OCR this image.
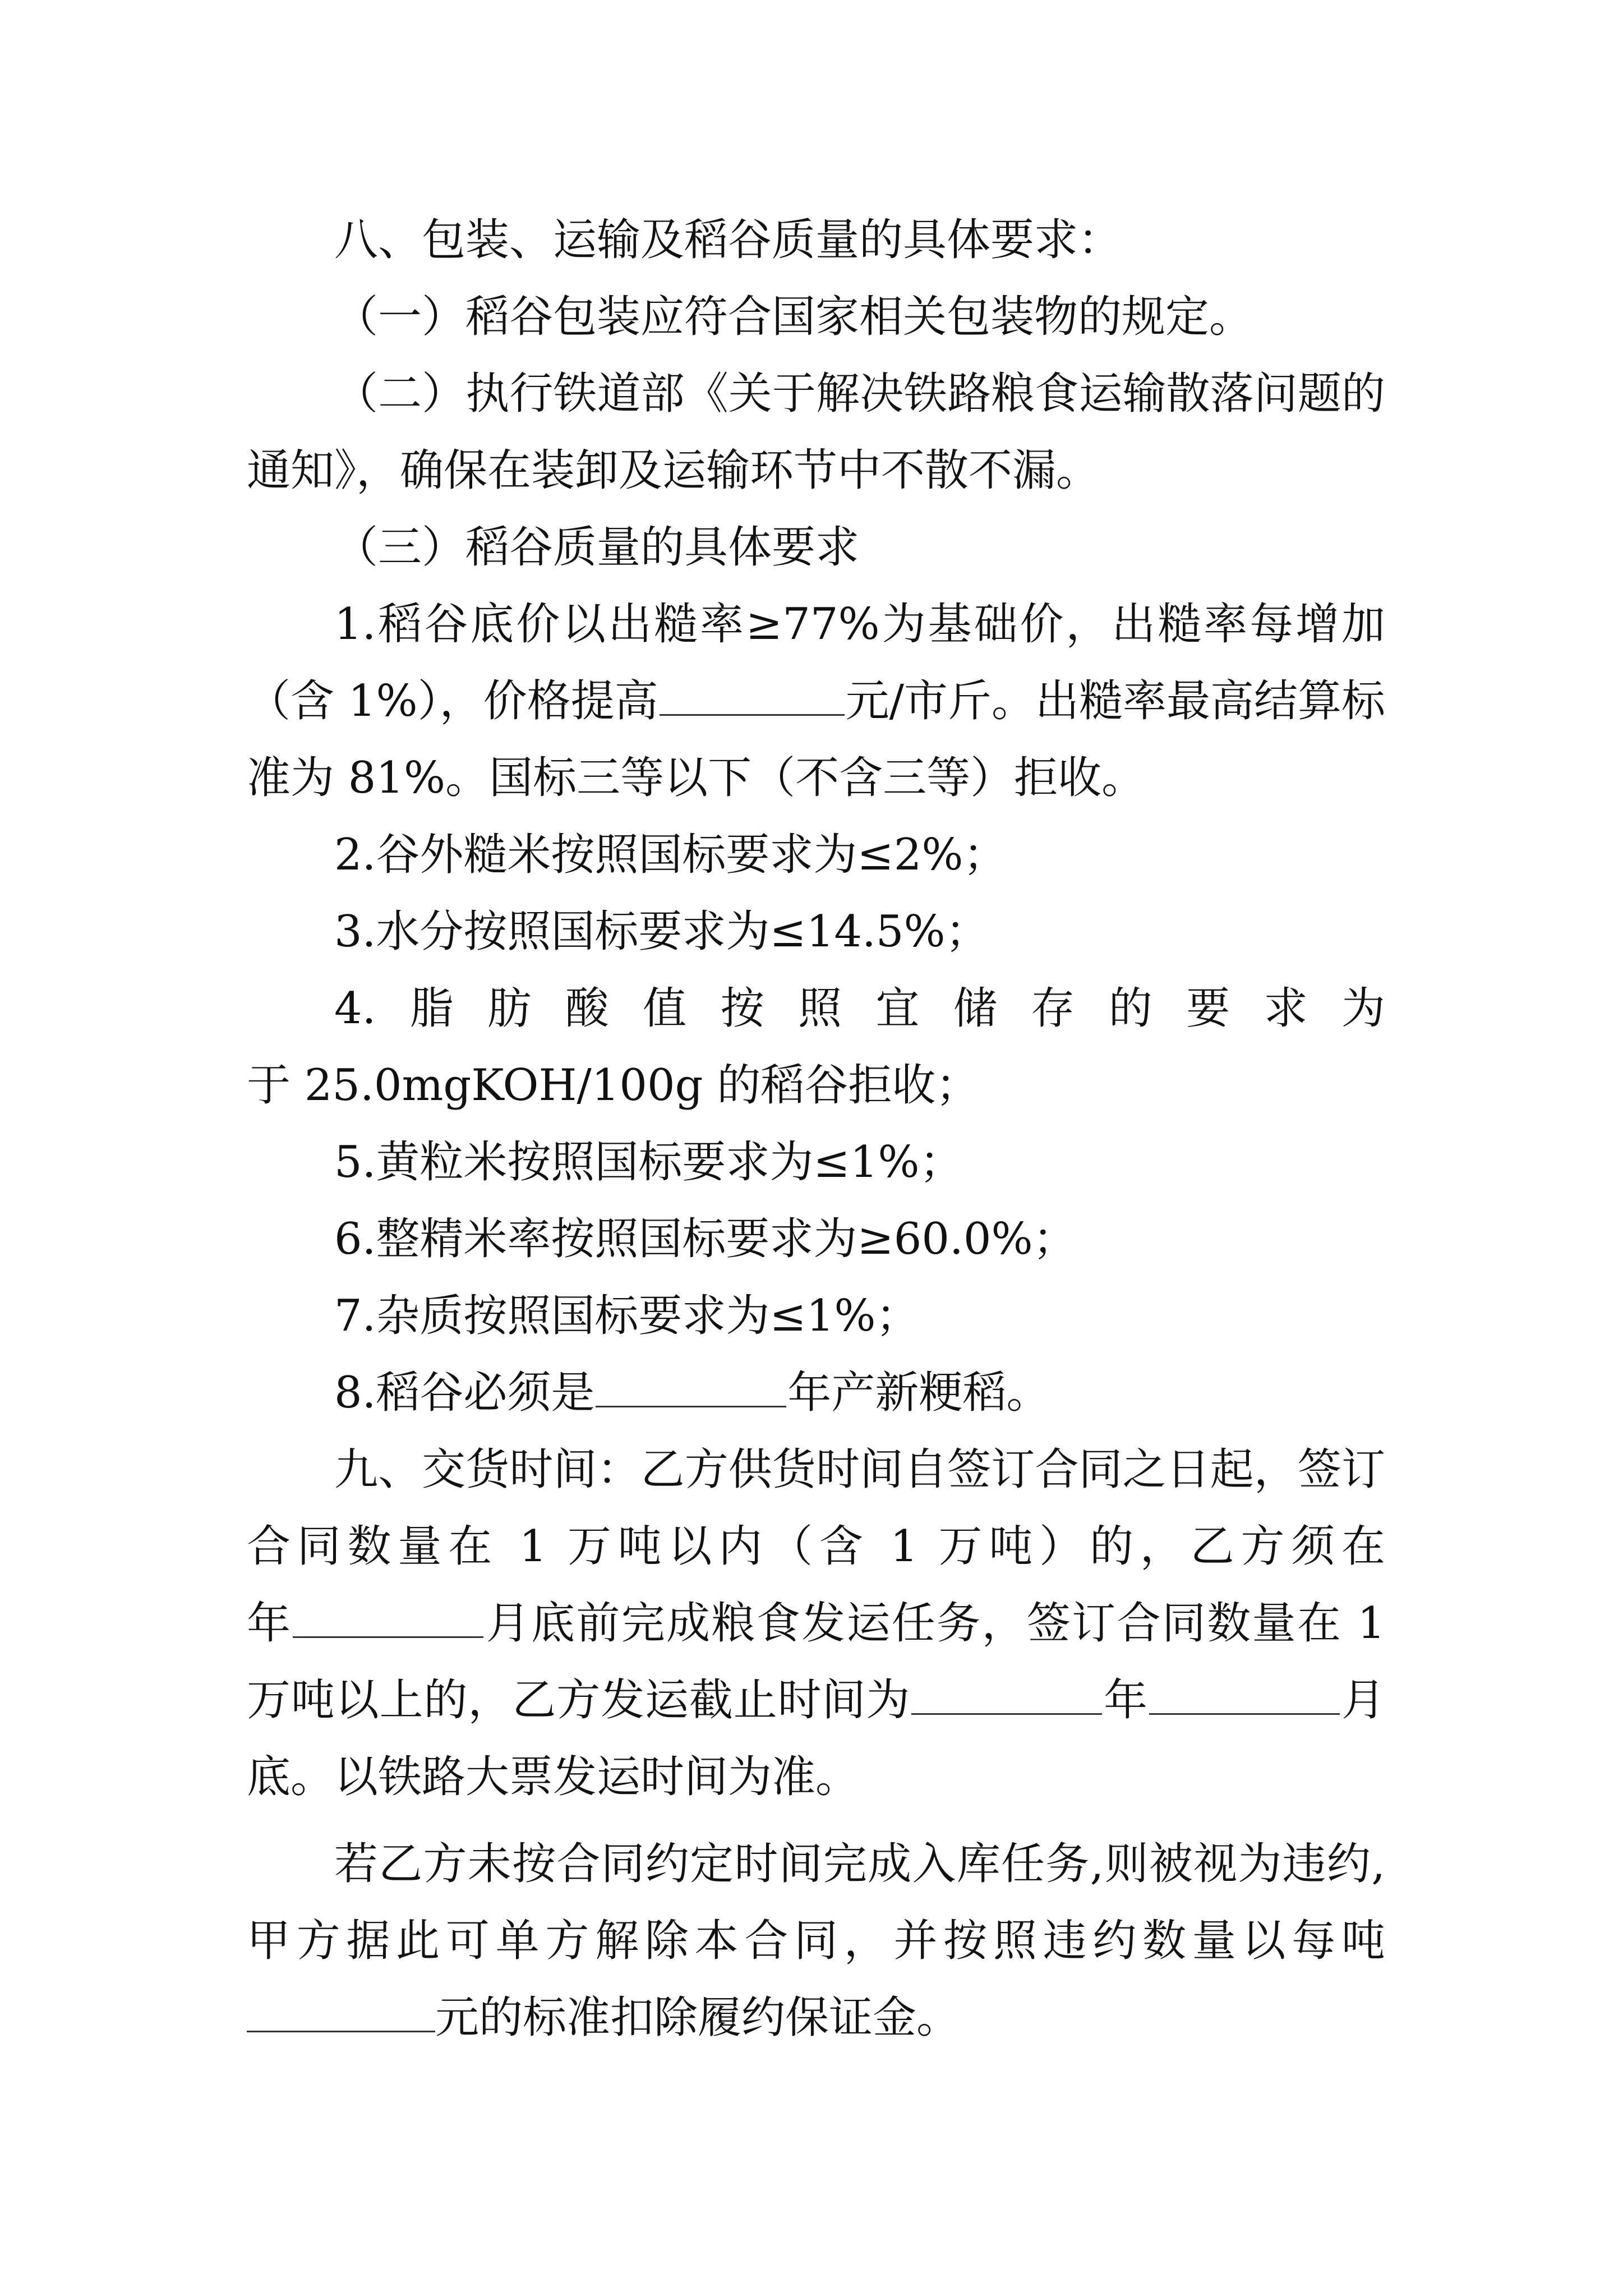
八、包装、运输及稻谷质量的具体要求：
（一）稻谷包装应符合国家相关包装物的规定。
（二）执行铁道部《关于解决铁路粮食运输散落问题的
通知》，确保在装卸及运输环节中不散不漏。
（三）稻谷质量的具体要求
1.稻谷底价以出糙率≥77%为基础价，出糙率每增加
（含 1%），价格提高	元/市斤。出糙率最高结算标
准为 81%。国标三等以下（不含三等）拒收。
2.谷外糙米按照国标要求为≤2%；
3.水分按照国标要求为≤14.5%；
4.脂肪酸值按照宜储存的要求为
于 25.0mgKOH/100g 的稻谷拒收；
5.黄粒米按照国标要求为≤1%；
6.整精米率按照国标要求为≥60.0%；
7.杂质按照国标要求为≤1%；
8.稻谷必须是	年产新粳稻。
九、交货时间：乙方供货时间自签订合同之日起，签订
合同数量在 1 万吨以内（含 1 万吨）的，乙方须在
年	月底前完成粮食发运任务，签订合同数量在 1
万吨以上的，乙方发运截止时间为	年	月
底。以铁路大票发运时间为准。
若乙方未按合同约定时间完成入库任务,则被视为违约,
甲方据此可单方解除本合同，并按照违约数量以每吨
元的标准扣除履约保证金。
